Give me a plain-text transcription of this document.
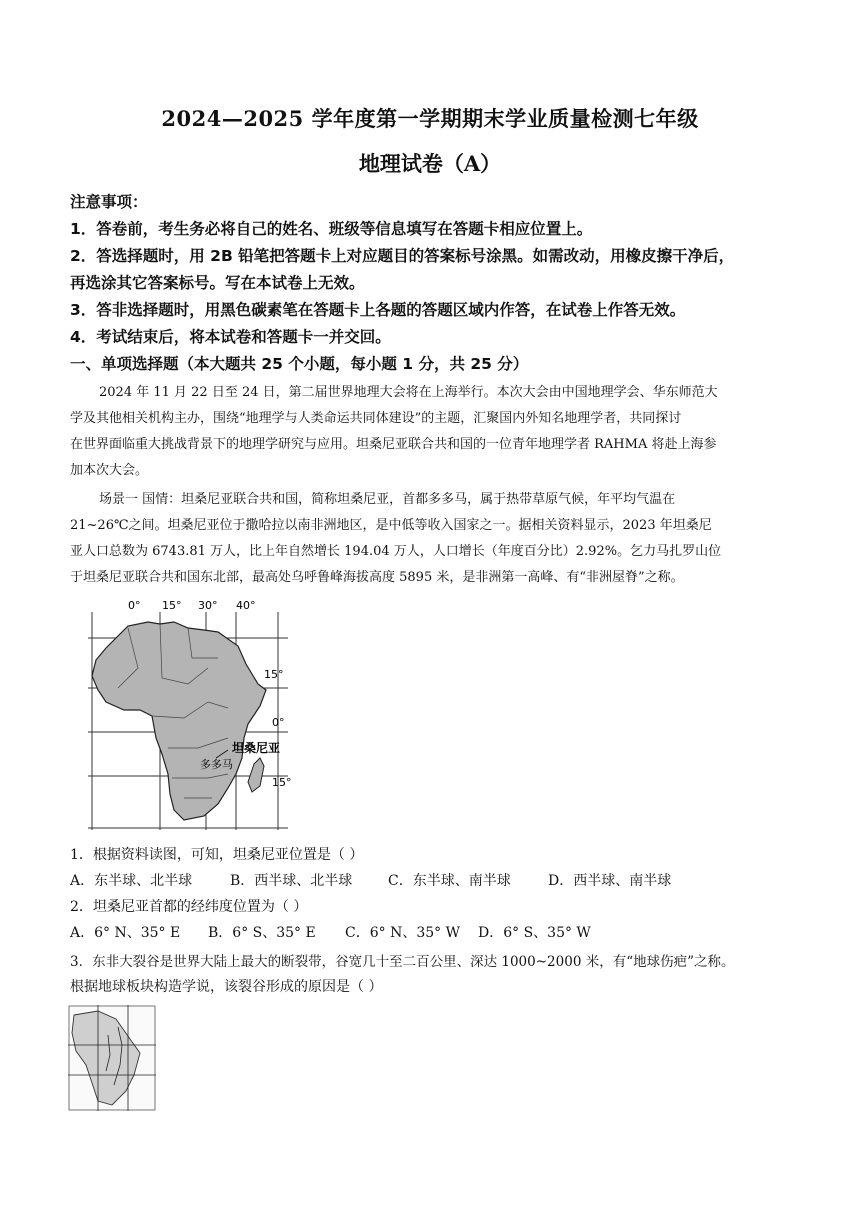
2024—2025 学年度第一学期期末学业质量检测七年级
地理试卷（A）
注意事项：
1．答卷前，考生务必将自己的姓名、班级等信息填写在答题卡相应位置上。
2．答选择题时，用 2B 铅笔把答题卡上对应题目的答案标号涂黑。如需改动，用橡皮擦干净后，
再选涂其它答案标号。写在本试卷上无效。
3．答非选择题时，用黑色碳素笔在答题卡上各题的答题区域内作答，在试卷上作答无效。
4．考试结束后，将本试卷和答题卡一并交回。
一、单项选择题（本大题共 25 个小题，每小题 1 分，共 25 分）
2024 年 11 月 22 日至 24 日，第二届世界地理大会将在上海举行。本次大会由中国地理学会、华东师范大
学及其他相关机构主办，围绕“地理学与人类命运共同体建设”的主题，汇聚国内外知名地理学者，共同探讨
在世界面临重大挑战背景下的地理学研究与应用。坦桑尼亚联合共和国的一位青年地理学者 RAHMA 将赴上海参
加本次大会。
场景一 国情：坦桑尼亚联合共和国，简称坦桑尼亚，首都多多马，属于热带草原气候，年平均气温在
21~26℃之间。坦桑尼亚位于撒哈拉以南非洲地区，是中低等收入国家之一。据相关资料显示，2023 年坦桑尼
亚人口总数为 6743.81 万人，比上年自然增长 194.04 万人，人口增长（年度百分比）2.92%。乞力马扎罗山位
于坦桑尼亚联合共和国东北部，最高处乌呼鲁峰海拔高度 5895 米，是非洲第一高峰、有“非洲屋脊”之称。
0° 15° 30° 40°
15°
0°
15°
坦桑尼亚
多多马
1．根据资料读图，可知，坦桑尼亚位置是（ ）
A．东半球、北半球	B．西半球、北半球	C．东半球、南半球	D．西半球、南半球
2．坦桑尼亚首都的经纬度位置为（ ）
A．6° N、35° E B．6° S、35° E C．6° N、35° W D．6° S、35° W
3．东非大裂谷是世界大陆上最大的断裂带，谷宽几十至二百公里、深达 1000~2000 米，有“地球伤疤”之称。
根据地球板块构造学说，该裂谷形成的原因是（ ）
